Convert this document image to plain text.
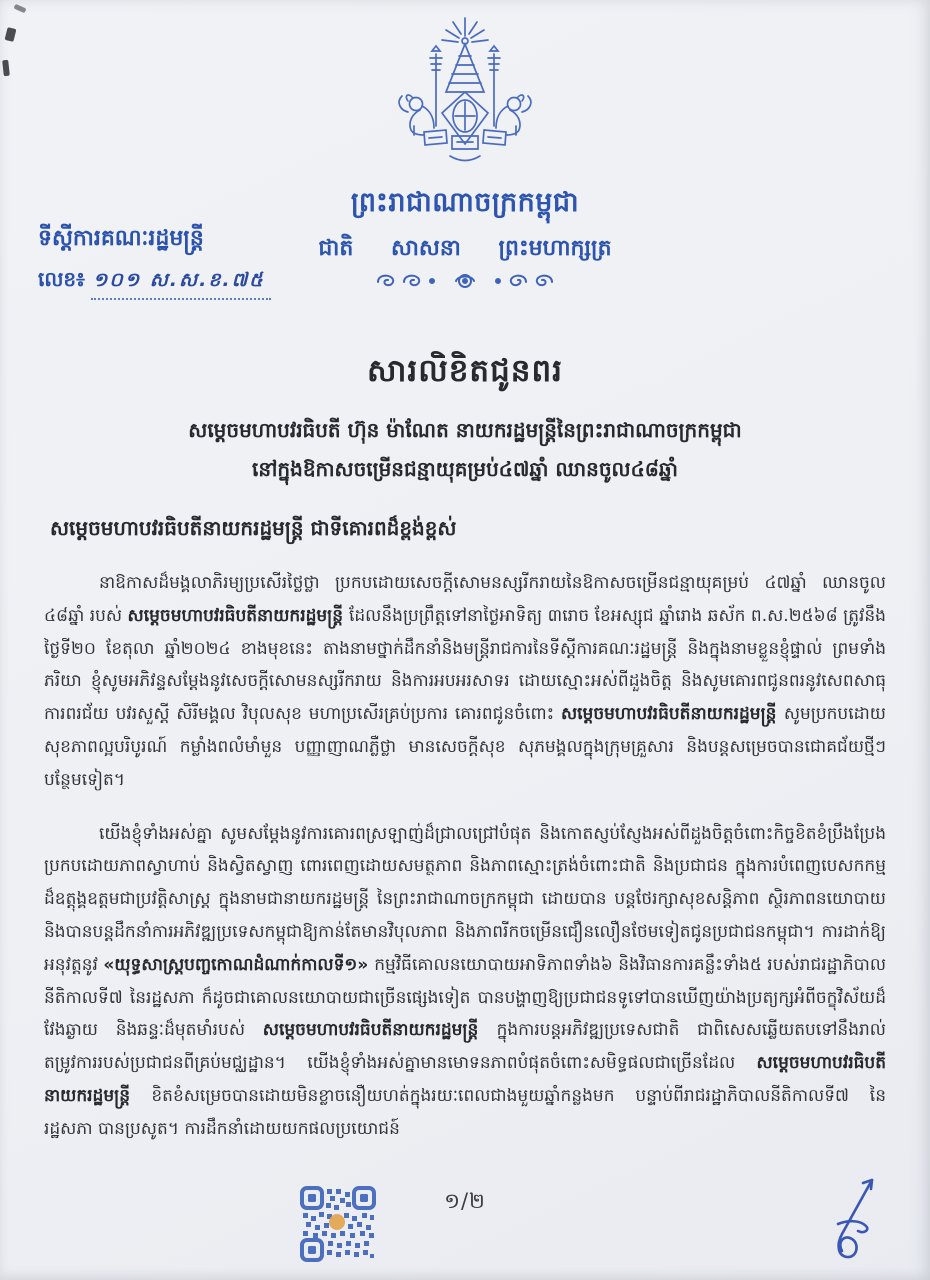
ព្រះរាជាណាចក្រកម្ពុជា
ជាតិ សាសនា ព្រះមហាក្សត្រ
ទីស្តីការគណៈរដ្ឋមន្ត្រី
លេខ៖ ១០១ ស.ស.ខ.៧៥
សារលិខិតជូនពរ
សម្តេចមហាបវរធិបតី ហ៊ុន ម៉ាណែត នាយករដ្ឋមន្ត្រីនៃព្រះរាជាណាចក្រកម្ពុជា
នៅក្នុងឱកាសចម្រើនជន្មាយុគម្រប់៤៧ឆ្នាំ ឈានចូល៤៨ឆ្នាំ
សម្តេចមហាបវរធិបតីនាយករដ្ឋមន្ត្រី ជាទីគោរពដ៏ខ្ពង់ខ្ពស់

នាឱកាសដ៏មង្គលាភិរម្យប្រសើរថ្លៃថ្លា ប្រកបដោយសេចក្តីសោមនស្សរីករាយនៃឱកាសចម្រើនជន្មាយុគម្រប់ ៤៧ឆ្នាំ ឈានចូល ៤៨ឆ្នាំ របស់ សម្តេចមហាបវរធិបតីនាយករដ្ឋមន្ត្រី ដែលនឹងប្រព្រឹត្តទៅនាថ្ងៃអាទិត្យ ៣រោច ខែអស្សុជ ឆ្នាំរោង ឆស័ក ព.ស.២៥៦៨ ត្រូវនឹងថ្ងៃទី២០ ខែតុលា ឆ្នាំ២០២៤ ខាងមុខនេះ តាងនាមថ្នាក់ដឹកនាំនិងមន្ត្រីរាជការនៃទីស្តីការគណៈរដ្ឋមន្ត្រី និងក្នុងនាមខ្លួនខ្ញុំផ្ទាល់ ព្រមទាំងភរិយា ខ្ញុំសូមអភិវន្ទសម្តែងនូវសេចក្តីសោមនស្សរីករាយ និងការអបអរសាទរ ដោយស្មោះអស់ពីដួងចិត្ត និងសូមគោរពជូនពរនូវសេពសាធុការពរជ័យ បវរសួស្តី សិរីមង្គល វិបុលសុខ មហាប្រសើរគ្រប់ប្រការ គោរពជូនចំពោះ សម្តេចមហាបវរធិបតីនាយករដ្ឋមន្ត្រី សូមប្រកបដោយសុខភាពល្អបរិបូរណ៍ កម្លាំងពលំមាំមួន បញ្ញាញាណភ្លឺថ្លា មានសេចក្តីសុខ សុភមង្គលក្នុងក្រុមគ្រួសារ និងបន្តសម្រេចបានជោគជ័យថ្មីៗបន្ថែមទៀត។

យើងខ្ញុំទាំងអស់គ្នា សូមសម្តែងនូវការគោរពស្រឡាញ់ដ៏ជ្រាលជ្រៅបំផុត និងកោតស្ញប់ស្ញែងអស់ពីដួងចិត្តចំពោះកិច្ចខិតខំប្រឹងប្រែងប្រកបដោយភាពស្វាហាប់ និងស្វិតស្វាញ ពោរពេញដោយសមត្ថភាព និងភាពស្មោះត្រង់ចំពោះជាតិ និងប្រជាជន ក្នុងការបំពេញបេសកកម្មដ៏ឧត្តុង្គឧត្តមជាប្រវត្តិសាស្ត្រ ក្នុងនាមជានាយករដ្ឋមន្ត្រី នៃព្រះរាជាណាចក្រកម្ពុជា ដោយបាន បន្តថែរក្សាសុខសន្តិភាព ស្ថិរភាពនយោបាយ និងបានបន្តដឹកនាំការអភិវឌ្ឍប្រទេសកម្ពុជាឱ្យកាន់តែមានវិបុលភាព និងភាពរីកចម្រើនជឿនលឿនថែមទៀតជូនប្រជាជនកម្ពុជា។ ការដាក់ឱ្យអនុវត្តនូវ «យុទ្ធសាស្ត្របញ្ចកោណដំណាក់កាលទី១» កម្មវិធីគោលនយោបាយអាទិភាពទាំង៦ និងវិធានការគន្លឹះទាំង៥ របស់រាជរដ្ឋាភិបាលនីតិកាលទី៧ នៃរដ្ឋសភា ក៏ដូចជាគោលនយោបាយជាច្រើនផ្សេងទៀត បានបង្ហាញឱ្យប្រជាជនទូទៅបានឃើញយ៉ាងប្រត្យក្សអំពីចក្ខុវិស័យដ៏វែងឆ្ងាយ និងឆន្ទៈដ៏មុតមាំរបស់ សម្តេចមហាបវរធិបតីនាយករដ្ឋមន្ត្រី ក្នុងការបន្តអភិវឌ្ឍប្រទេសជាតិ ជាពិសេសឆ្លើយតបទៅនឹងរាល់តម្រូវការរបស់ប្រជាជនពីគ្រប់មជ្ឈដ្ឋាន។ យើងខ្ញុំទាំងអស់គ្នាមានមោទនភាពបំផុតចំពោះសមិទ្ធផលជាច្រើនដែល សម្តេចមហាបវរធិបតីនាយករដ្ឋមន្ត្រី ខិតខំសម្រេចបានដោយមិនខ្លាចនឿយហត់ក្នុងរយៈពេលជាងមួយឆ្នាំកន្លងមក បន្ទាប់ពីរាជរដ្ឋាភិបាលនីតិកាលទី៧ នៃរដ្ឋសភា បានប្រសូត។ ការដឹកនាំដោយយកផលប្រយោជន៍

១/២
